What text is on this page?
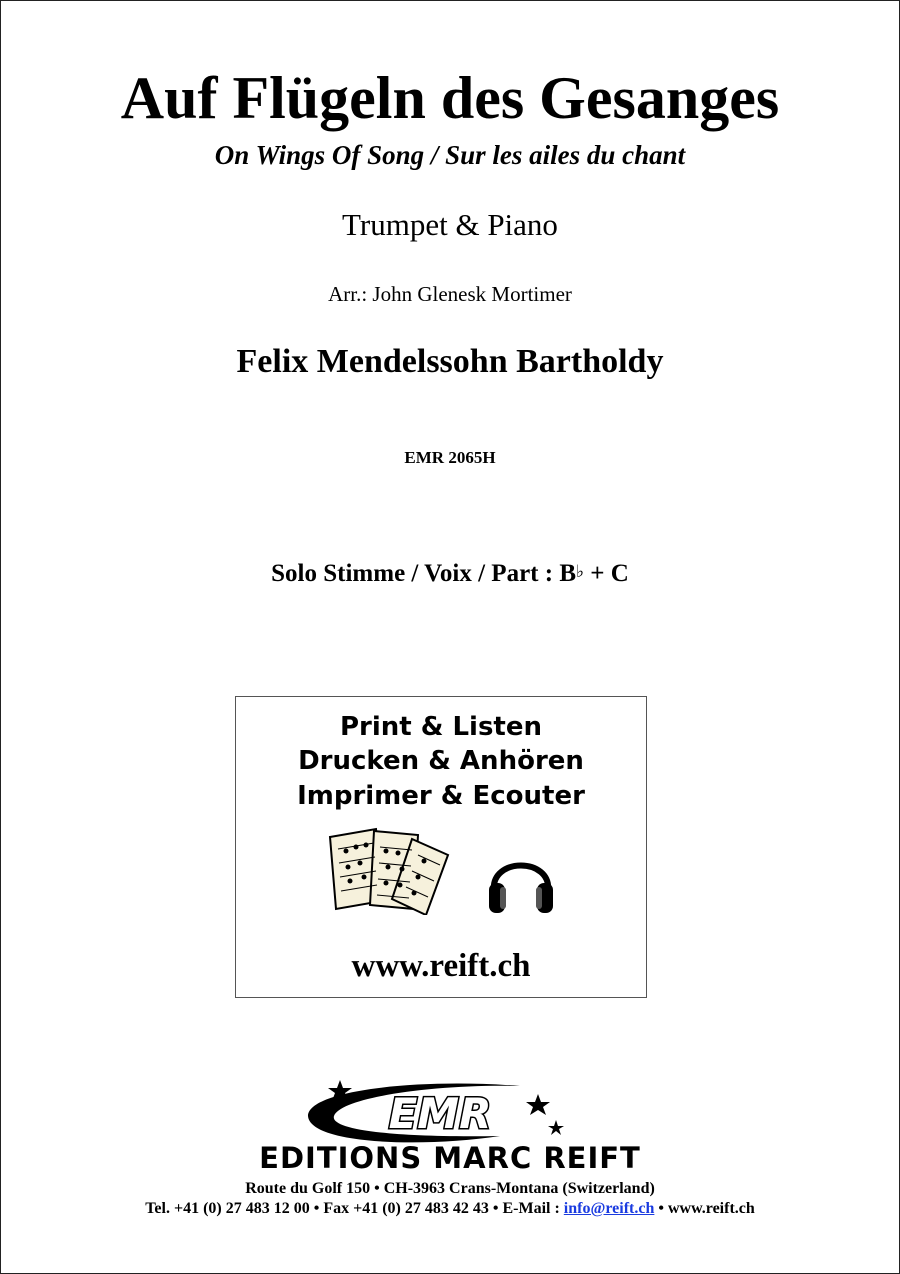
Auf Flügeln des Gesanges
On Wings Of Song / Sur les ailes du chant
Trumpet & Piano
Arr.: John Glenesk Mortimer
Felix Mendelssohn Bartholdy
EMR 2065H
Solo Stimme / Voix / Part : B♭ + C
Print & Listen
Drucken & Anhören
Imprimer & Ecouter
www.reift.ch
EMR
EDITIONS MARC REIFT
Route du Golf 150 • CH-3963 Crans-Montana (Switzerland)
Tel. +41 (0) 27 483 12 00 • Fax +41 (0) 27 483 42 43 • E-Mail : info@reift.ch • www.reift.ch
